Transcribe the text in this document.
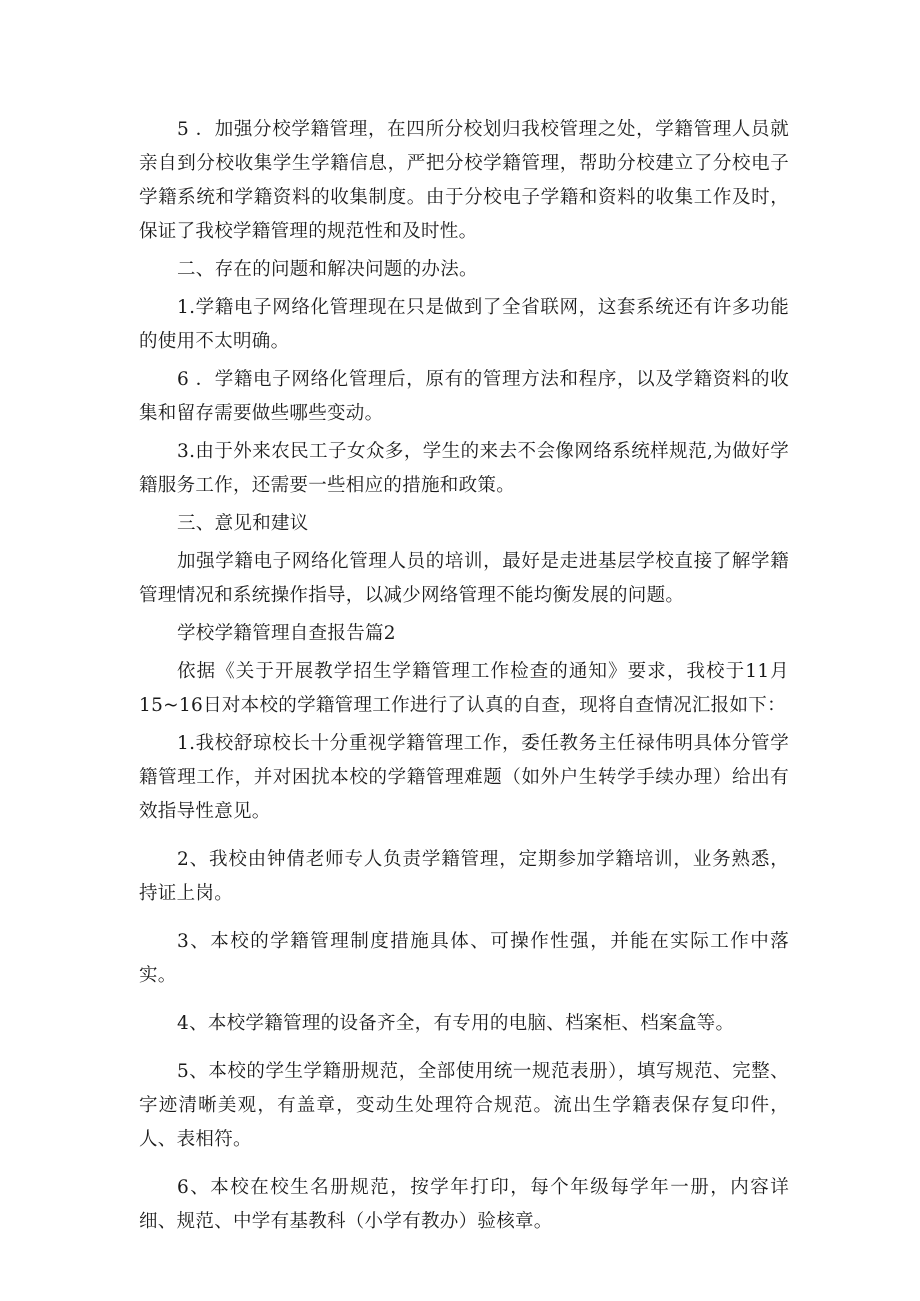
5 ．加强分校学籍管理，在四所分校划归我校管理之处，学籍管理人员就亲自到分校收集学生学籍信息，严把分校学籍管理，帮助分校建立了分校电子学籍系统和学籍资料的收集制度。由于分校电子学籍和资料的收集工作及时，保证了我校学籍管理的规范性和及时性。

二、存在的问题和解决问题的办法。

1.学籍电子网络化管理现在只是做到了全省联网，这套系统还有许多功能的使用不太明确。

6 ．学籍电子网络化管理后，原有的管理方法和程序，以及学籍资料的收集和留存需要做些哪些变动。

3.由于外来农民工子女众多，学生的来去不会像网络系统样规范,为做好学籍服务工作，还需要一些相应的措施和政策。

三、意见和建议

加强学籍电子网络化管理人员的培训，最好是走进基层学校直接了解学籍管理情况和系统操作指导，以减少网络管理不能均衡发展的问题。

学校学籍管理自查报告篇2

依据《关于开展教学招生学籍管理工作检查的通知》要求，我校于11月15~16日对本校的学籍管理工作进行了认真的自查，现将自查情况汇报如下：

1.我校舒琼校长十分重视学籍管理工作，委任教务主任禄伟明具体分管学籍管理工作，并对困扰本校的学籍管理难题（如外户生转学手续办理）给出有效指导性意见。

2、我校由钟倩老师专人负责学籍管理，定期参加学籍培训，业务熟悉，持证上岗。

3、本校的学籍管理制度措施具体、可操作性强，并能在实际工作中落实。

4、本校学籍管理的设备齐全，有专用的电脑、档案柜、档案盒等。

5、本校的学生学籍册规范，全部使用统一规范表册），填写规范、完整、字迹清晰美观，有盖章，变动生处理符合规范。流出生学籍表保存复印件，人、表相符。

6、本校在校生名册规范，按学年打印，每个年级每学年一册，内容详细、规范、中学有基教科（小学有教办）验核章。
